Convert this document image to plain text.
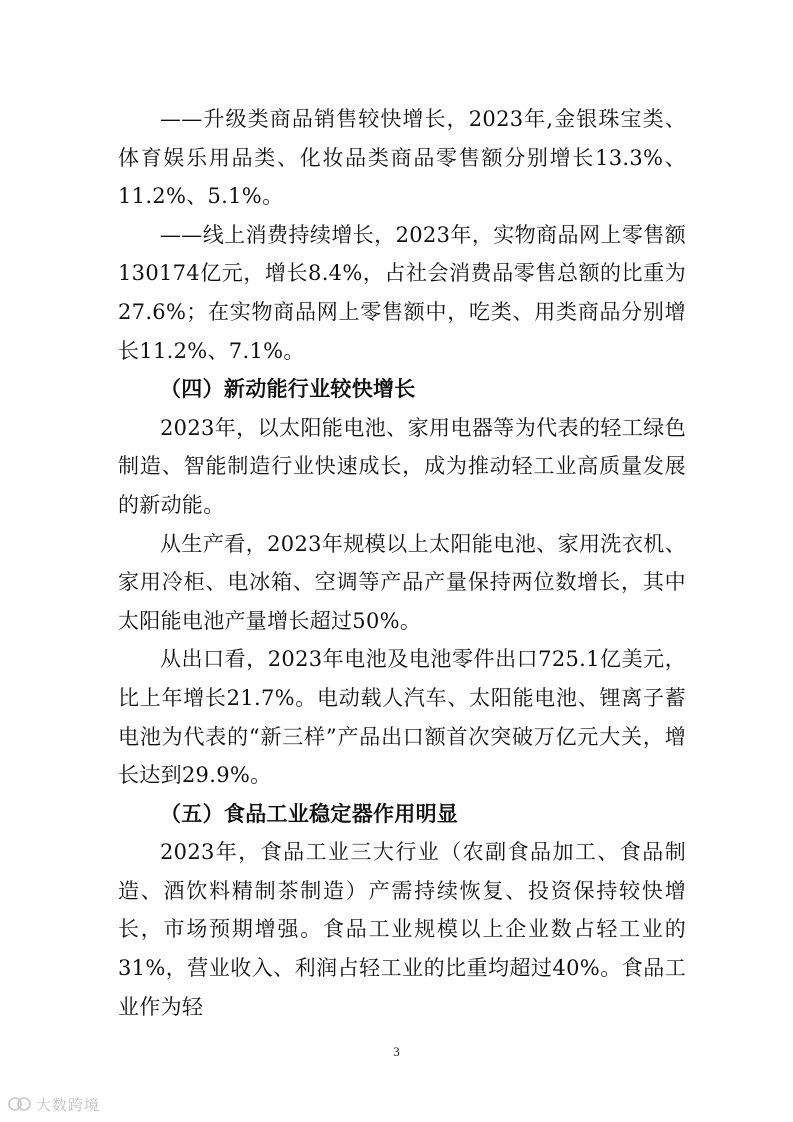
——升级类商品销售较快增长，2023年,金银珠宝类、体育娱乐用品类、化妆品类商品零售额分别增长13.3%、11.2%、5.1%。

——线上消费持续增长，2023年，实物商品网上零售额130174亿元，增长8.4%，占社会消费品零售总额的比重为27.6%；在实物商品网上零售额中，吃类、用类商品分别增长11.2%、7.1%。

（四）新动能行业较快增长

2023年，以太阳能电池、家用电器等为代表的轻工绿色制造、智能制造行业快速成长，成为推动轻工业高质量发展的新动能。

从生产看，2023年规模以上太阳能电池、家用洗衣机、家用冷柜、电冰箱、空调等产品产量保持两位数增长，其中太阳能电池产量增长超过50%。

从出口看，2023年电池及电池零件出口725.1亿美元，比上年增长21.7%。电动载人汽车、太阳能电池、锂离子蓄电池为代表的“新三样”产品出口额首次突破万亿元大关，增长达到29.9%。

（五）食品工业稳定器作用明显

2023年，食品工业三大行业（农副食品加工、食品制造、酒饮料精制茶制造）产需持续恢复、投资保持较快增长，市场预期增强。食品工业规模以上企业数占轻工业的31%，营业收入、利润占轻工业的比重均超过40%。食品工业作为轻

3
大数跨境
